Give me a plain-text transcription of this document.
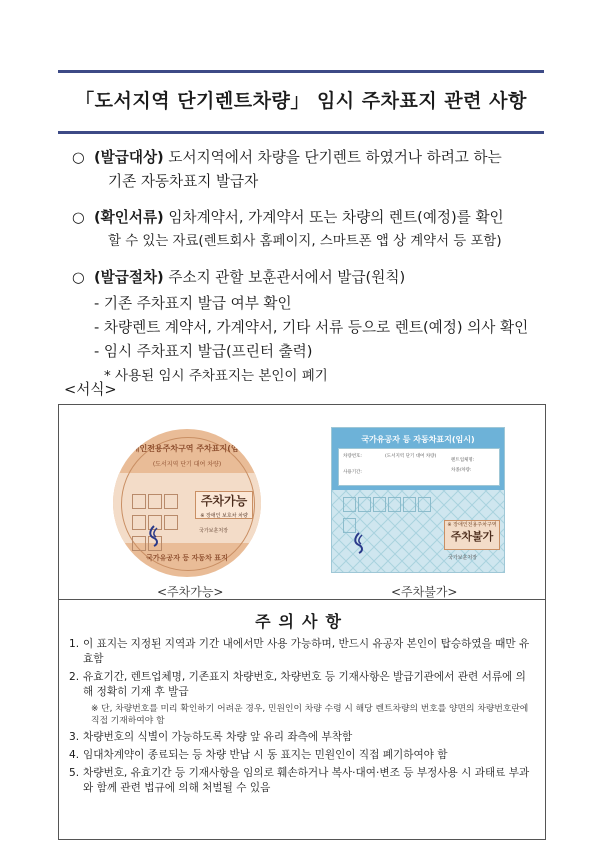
「도서지역 단기렌트차량」 임시 주차표지 관련 사항
○ (발급대상) 도서지역에서 차량을 단기렌트 하였거나 하려고 하는
기존 자동차표지 발급자
○ (확인서류) 임차계약서, 가계약서 또는 차량의 렌트(예정)를 확인
할 수 있는 자료(렌트회사 홈페이지, 스마트폰 앱 상 계약서 등 포함)
○ (발급절차) 주소지 관할 보훈관서에서 발급(원칙)
- 기존 주차표지 발급 여부 확인
- 차량렌트 계약서, 가계약서, 기타 서류 등으로 렌트(예정) 의사 확인
- 임시 주차표지 발급(프린터 출력)
* 사용된 임시 주차표지는 본인이 폐기
<서식>
장애인전용주차구역 주차표지(임시)
(도서지역 단기 대여 차량)
주차가능
※ 장애인 보호차 차량
국가보훈처장
국가유공자 등 자동차 표지
<주차가능>
국가유공자 등 자동차표지(임시)
차량번호:
사용기간:
(도서지역 단기 대여 차량)
렌트업체명:
차종/차량:
※ 장애인전용주차구역
주차불가
국가보훈처장
<주차불가>
주의사항
1. 이 표지는 지정된 지역과 기간 내에서만 사용 가능하며, 반드시 유공자 본인이 탑승하였을 때만 유효함
2. 유효기간, 렌트업체명, 기존표지 차량번호, 차량번호 등 기재사항은 발급기관에서 관련 서류에 의해 정확히 기재 후 발급
※ 단, 차량번호를 미리 확인하기 어려운 경우, 민원인이 차량 수령 시 해당 렌트차량의 번호를 양면의 차량번호란에 직접 기재하여야 함
3. 차량번호의 식별이 가능하도록 차량 앞 유리 좌측에 부착함
4. 임대차계약이 종료되는 등 차량 반납 시 동 표지는 민원인이 직접 폐기하여야 함
5. 차량번호, 유효기간 등 기재사항을 임의로 훼손하거나 복사·대여·변조 등 부정사용 시 과태료 부과와 함께 관련 법규에 의해 처벌될 수 있음
